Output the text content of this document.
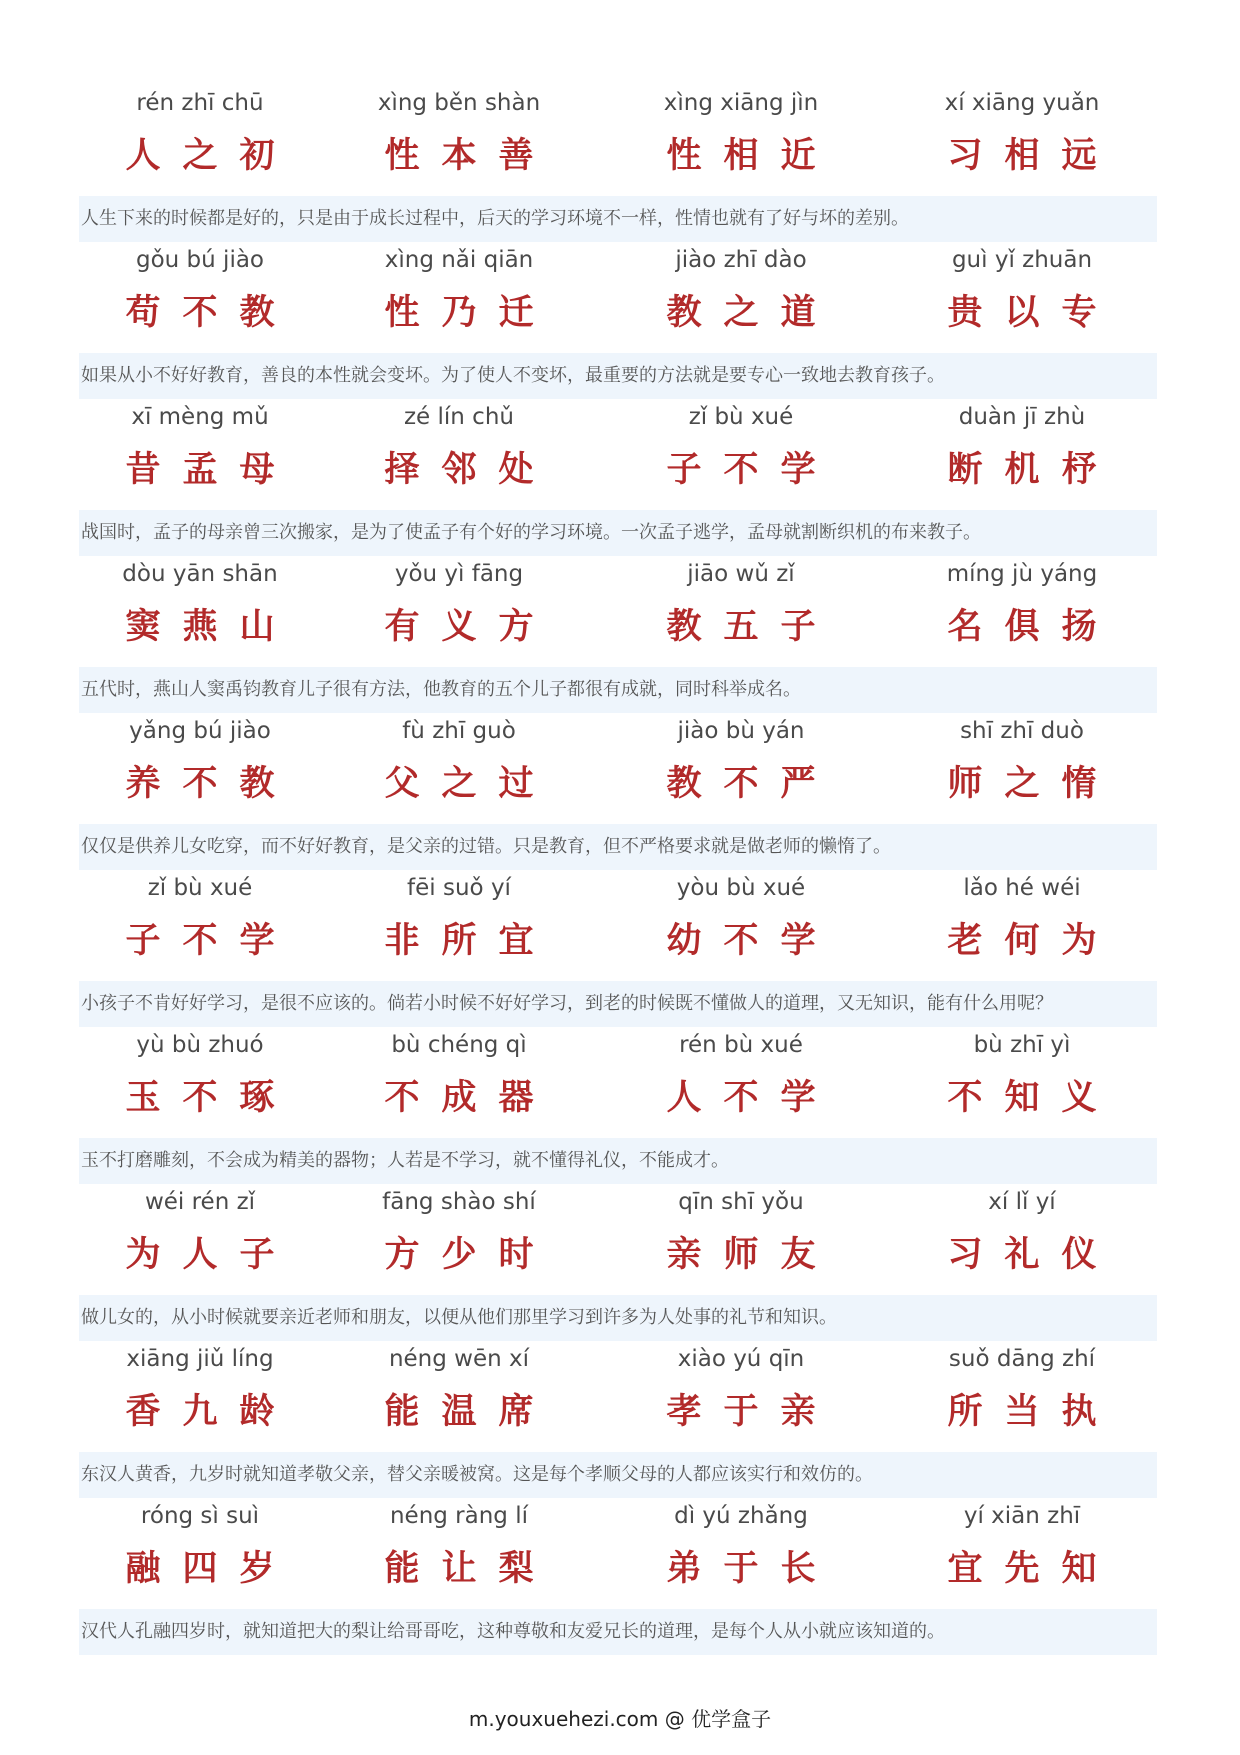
rén zhī chū	xìng běn shàn	xìng xiāng jìn	xí xiāng yuǎn
人之初	性本善	性相近	习相远
人生下来的时候都是好的，只是由于成长过程中，后天的学习环境不一样，性情也就有了好与坏的差别。
gǒu bú jiào	xìng nǎi qiān	jiào zhī dào	guì yǐ zhuān
苟不教	性乃迁	教之道	贵以专
如果从小不好好教育，善良的本性就会变坏。为了使人不变坏，最重要的方法就是要专心一致地去教育孩子。
xī mèng mǔ	zé lín chǔ	zǐ bù xué	duàn jī zhù
昔孟母	择邻处	子不学	断机杼
战国时，孟子的母亲曾三次搬家，是为了使孟子有个好的学习环境。一次孟子逃学，孟母就割断织机的布来教子。
dòu yān shān	yǒu yì fāng	jiāo wǔ zǐ	míng jù yáng
窦燕山	有义方	教五子	名俱扬
五代时，燕山人窦禹钧教育儿子很有方法，他教育的五个儿子都很有成就，同时科举成名。
yǎng bú jiào	fù zhī guò	jiào bù yán	shī zhī duò
养不教	父之过	教不严	师之惰
仅仅是供养儿女吃穿，而不好好教育，是父亲的过错。只是教育，但不严格要求就是做老师的懒惰了。
zǐ bù xué	fēi suǒ yí	yòu bù xué	lǎo hé wéi
子不学	非所宜	幼不学	老何为
小孩子不肯好好学习，是很不应该的。倘若小时候不好好学习，到老的时候既不懂做人的道理，又无知识，能有什么用呢？
yù bù zhuó	bù chéng qì	rén bù xué	bù zhī yì
玉不琢	不成器	人不学	不知义
玉不打磨雕刻，不会成为精美的器物；人若是不学习，就不懂得礼仪，不能成才。
wéi rén zǐ	fāng shào shí	qīn shī yǒu	xí lǐ yí
为人子	方少时	亲师友	习礼仪
做儿女的，从小时候就要亲近老师和朋友，以便从他们那里学习到许多为人处事的礼节和知识。
xiāng jiǔ líng	néng wēn xí	xiào yú qīn	suǒ dāng zhí
香九龄	能温席	孝于亲	所当执
东汉人黄香，九岁时就知道孝敬父亲，替父亲暖被窝。这是每个孝顺父母的人都应该实行和效仿的。
róng sì suì	néng ràng lí	dì yú zhǎng	yí xiān zhī
融四岁	能让梨	弟于长	宜先知
汉代人孔融四岁时，就知道把大的梨让给哥哥吃，这种尊敬和友爱兄长的道理，是每个人从小就应该知道的。
m.youxuehezi.com @ 优学盒子
